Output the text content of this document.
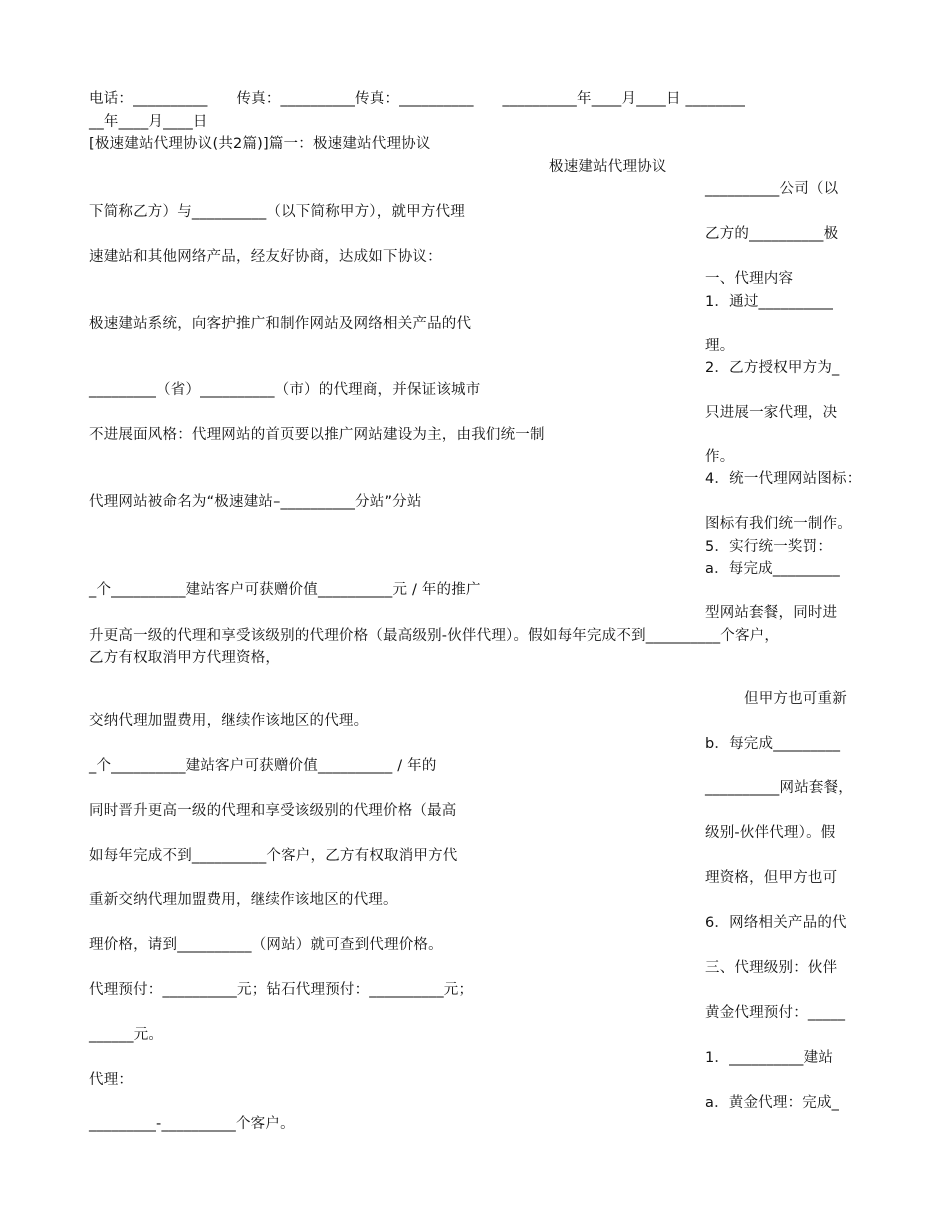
电话：__________      传真：__________传真：__________      __________年____月____日 ________
__年____月____日
[极速建站代理协议(共2篇)]篇一：极速建站代理协议
极速建站代理协议
下简称乙方）与__________（以下简称甲方），就甲方代理
速建站和其他网络产品，经友好协商，达成如下协议：
极速建站系统，向客护推广和制作网站及网络相关产品的代
_________（省）__________（市）的代理商，并保证该城市
不进展面风格：代理网站的首页要以推广网站建设为主，由我们统一制
代理网站被命名为“极速建站–__________分站”分站
_个__________建站客户可获赠价值__________元 / 年的推广
升更高一级的代理和享受该级别的代理价格（最高级别-伙伴代理）。假如每年完成不到__________个客户，
乙方有权取消甲方代理资格，
交纳代理加盟费用，继续作该地区的代理。
_个__________建站客户可获赠价值__________ / 年的
同时晋升更高一级的代理和享受该级别的代理价格（最高
如每年完成不到__________个客户，乙方有权取消甲方代
重新交纳代理加盟费用，继续作该地区的代理。
理价格，请到__________（网站）就可查到代理价格。
代理预付：__________元；钻石代理预付：__________元；
______元。
代理：
_________-__________个客户。
__________公司（以
乙方的__________极
一、代理内容
1．通过__________
理。
2．乙方授权甲方为_
只进展一家代理，决
作。
4．统一代理网站图标：
图标有我们统一制作。
5．实行统一奖罚：
a．每完成_________
型网站套餐，同时进
但甲方也可重新
b．每完成_________
__________网站套餐，
级别-伙伴代理）。假
理资格，但甲方也可
6．网络相关产品的代
三、代理级别：伙伴
黄金代理预付：_____
1．__________建站
a．黄金代理：完成_
